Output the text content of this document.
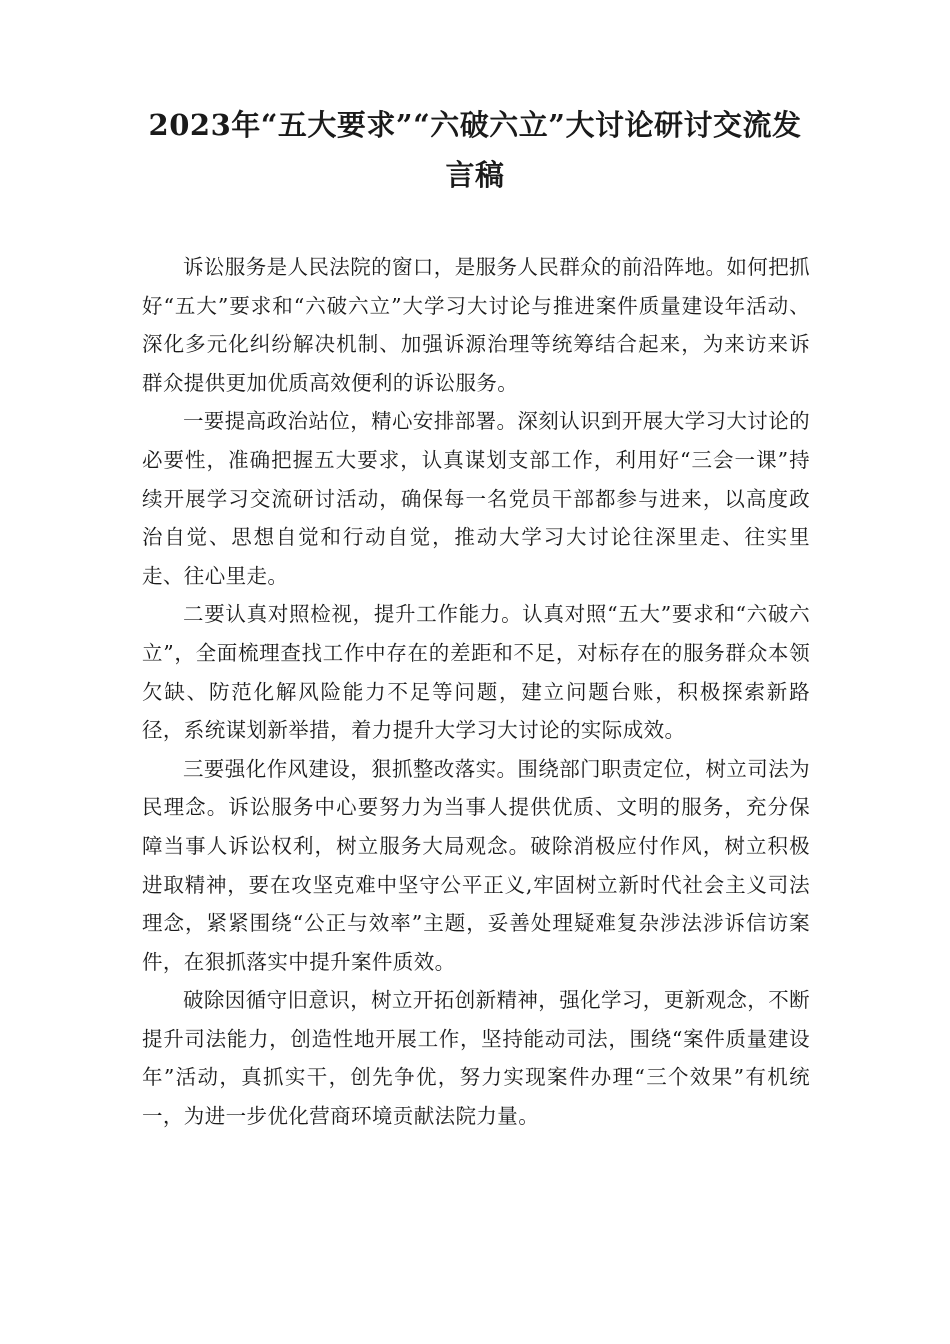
2023年“五大要求”“六破六立”大讨论研讨交流发
言稿

诉讼服务是人民法院的窗口，是服务人民群众的前沿阵地。如何把抓好“五大”要求和“六破六立”大学习大讨论与推进案件质量建设年活动、深化多元化纠纷解决机制、加强诉源治理等统筹结合起来，为来访来诉群众提供更加优质高效便利的诉讼服务。

一要提高政治站位，精心安排部署。深刻认识到开展大学习大讨论的必要性，准确把握五大要求，认真谋划支部工作，利用好“三会一课”持续开展学习交流研讨活动，确保每一名党员干部都参与进来，以高度政治自觉、思想自觉和行动自觉，推动大学习大讨论往深里走、往实里走、往心里走。

二要认真对照检视，提升工作能力。认真对照“五大”要求和“六破六立”，全面梳理查找工作中存在的差距和不足，对标存在的服务群众本领欠缺、防范化解风险能力不足等问题，建立问题台账，积极探索新路径，系统谋划新举措，着力提升大学习大讨论的实际成效。

三要强化作风建设，狠抓整改落实。围绕部门职责定位，树立司法为民理念。诉讼服务中心要努力为当事人提供优质、文明的服务，充分保障当事人诉讼权利，树立服务大局观念。破除消极应付作风，树立积极进取精神，要在攻坚克难中坚守公平正义,牢固树立新时代社会主义司法理念，紧紧围绕“公正与效率”主题，妥善处理疑难复杂涉法涉诉信访案件，在狠抓落实中提升案件质效。

破除因循守旧意识，树立开拓创新精神，强化学习，更新观念，不断提升司法能力，创造性地开展工作，坚持能动司法，围绕“案件质量建设年”活动，真抓实干，创先争优，努力实现案件办理“三个效果”有机统一，为进一步优化营商环境贡献法院力量。
